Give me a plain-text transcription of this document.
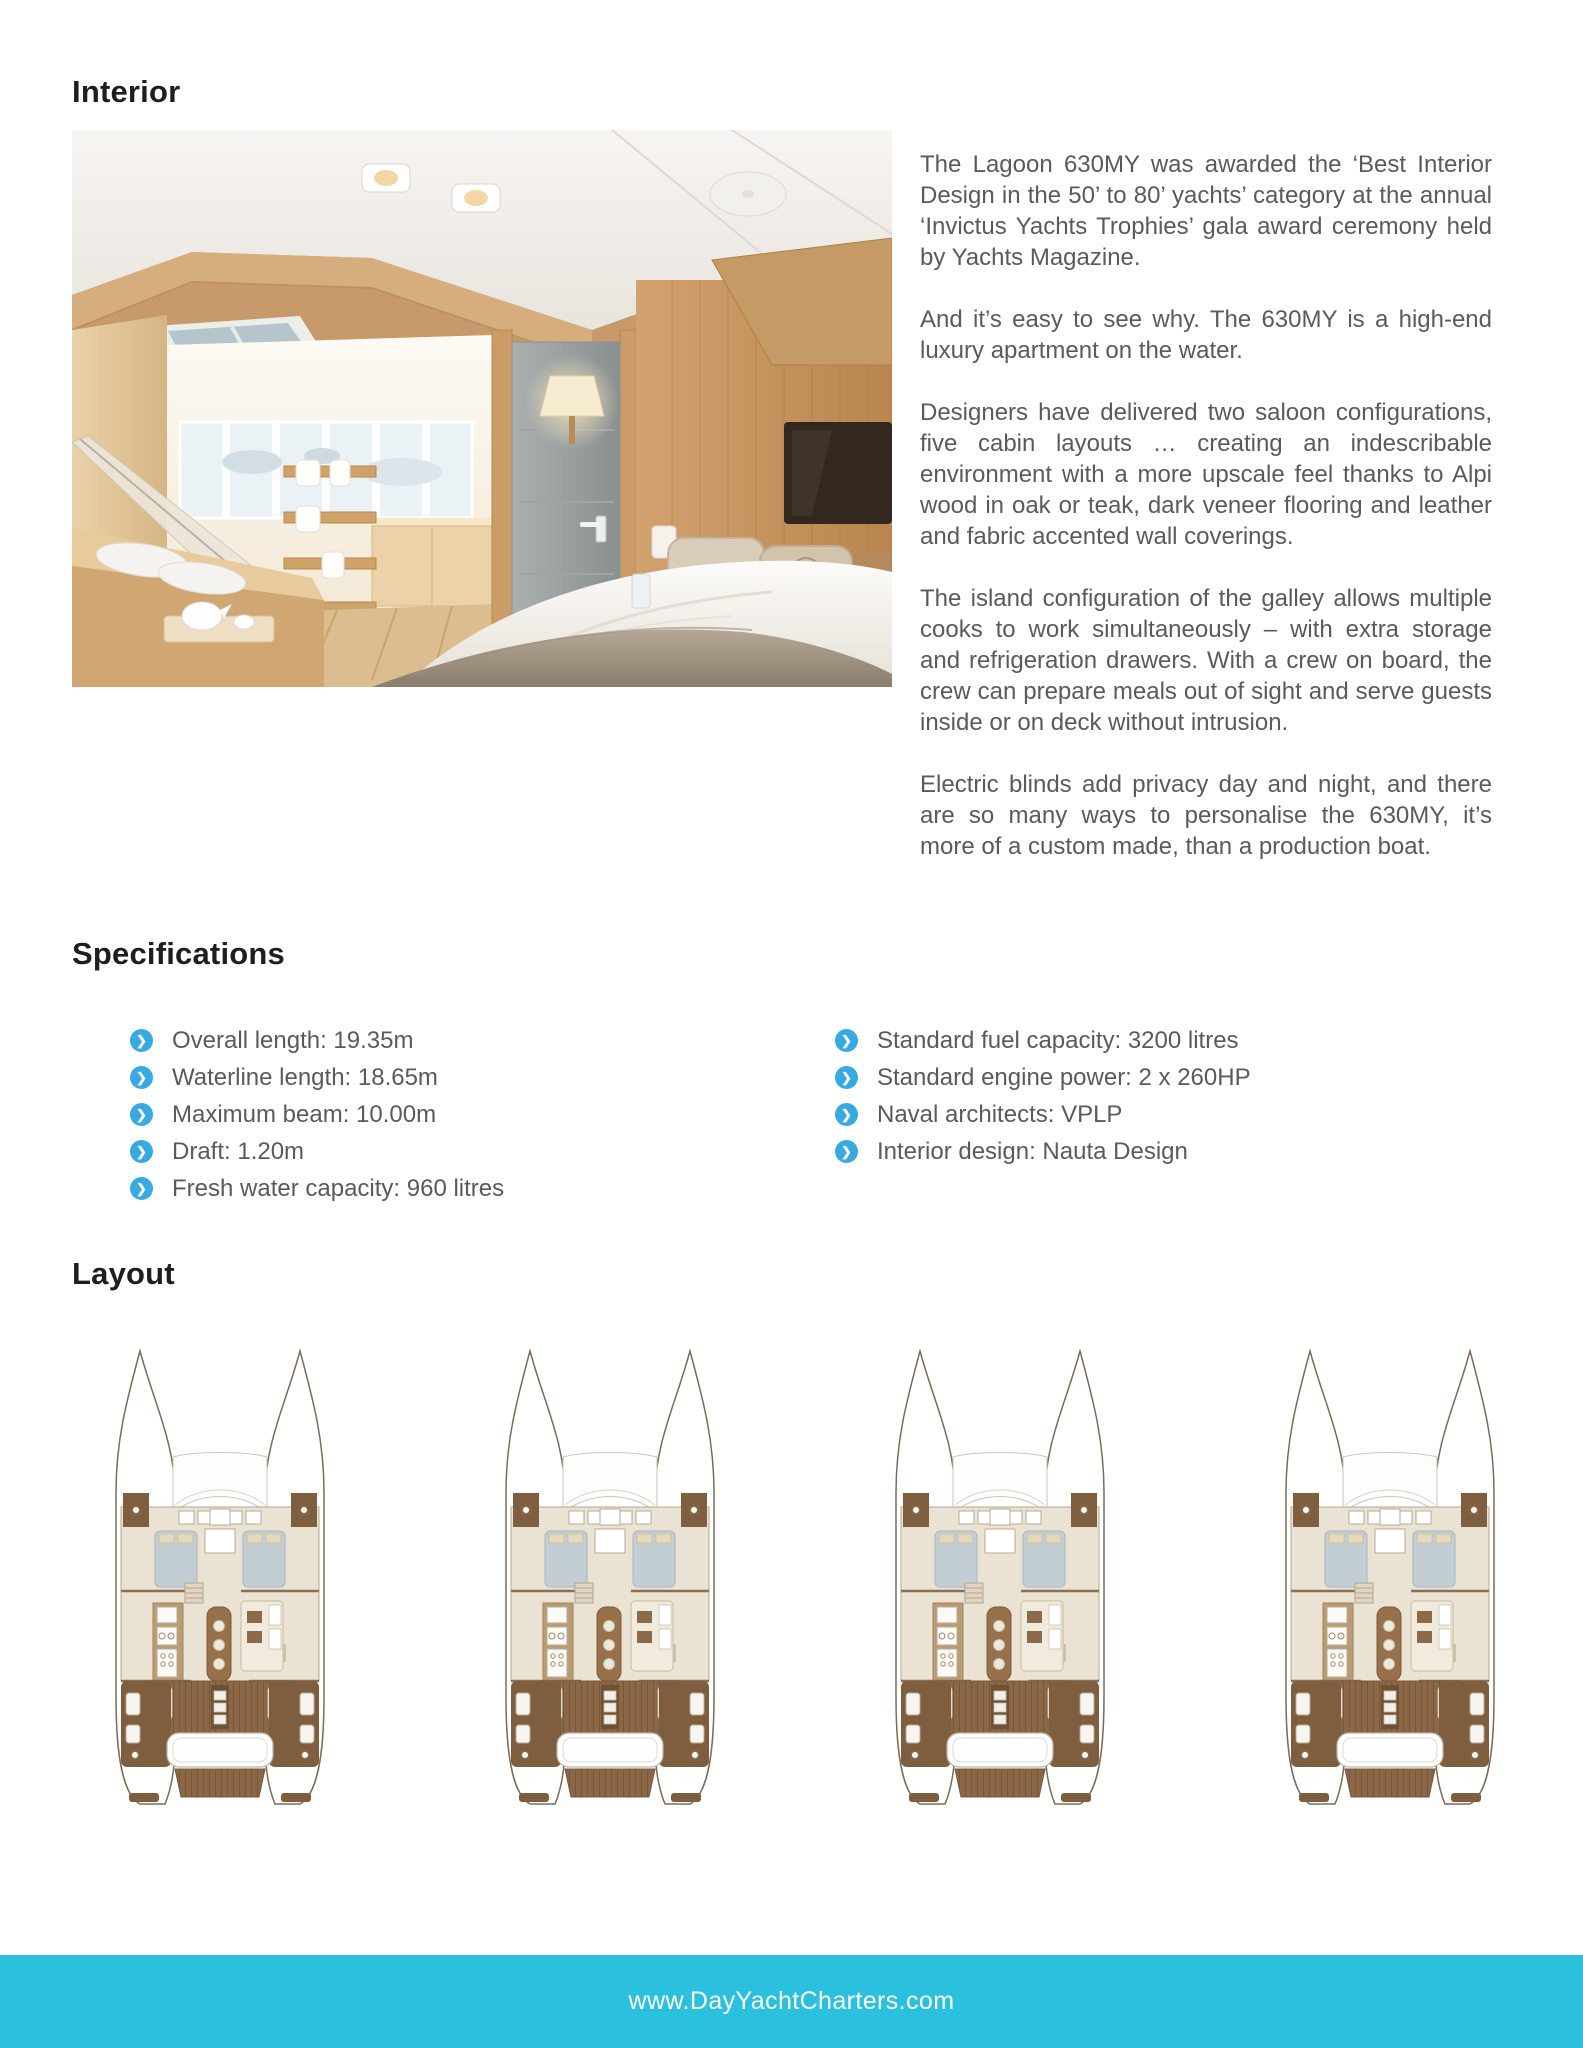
Interior

The Lagoon 630MY was awarded the ‘Best Interior Design in the 50’ to 80’ yachts’ category at the annual ‘Invictus Yachts Trophies’ gala award ceremony held by Yachts Magazine.

And it’s easy to see why. The 630MY is a high-end luxury apartment on the water.

Designers have delivered two saloon configurations, five cabin layouts … creating an indescribable environment with a more upscale feel thanks to Alpi wood in oak or teak, dark veneer flooring and leather and fabric accented wall coverings.

The island configuration of the galley allows multiple cooks to work simultaneously – with extra storage and refrigeration drawers. With a crew on board, the crew can prepare meals out of sight and serve guests inside or on deck without intrusion.

Electric blinds add privacy day and night, and there are so many ways to personalise the 630MY, it’s more of a custom made, than a production boat.

Specifications
❯ Overall length: 19.35m
❯ Waterline length: 18.65m
❯ Maximum beam: 10.00m
❯ Draft: 1.20m
❯ Fresh water capacity: 960 litres
❯ Standard fuel capacity: 3200 litres
❯ Standard engine power: 2 x 260HP
❯ Naval architects: VPLP
❯ Interior design: Nauta Design
Layout

www.DayYachtCharters.com
